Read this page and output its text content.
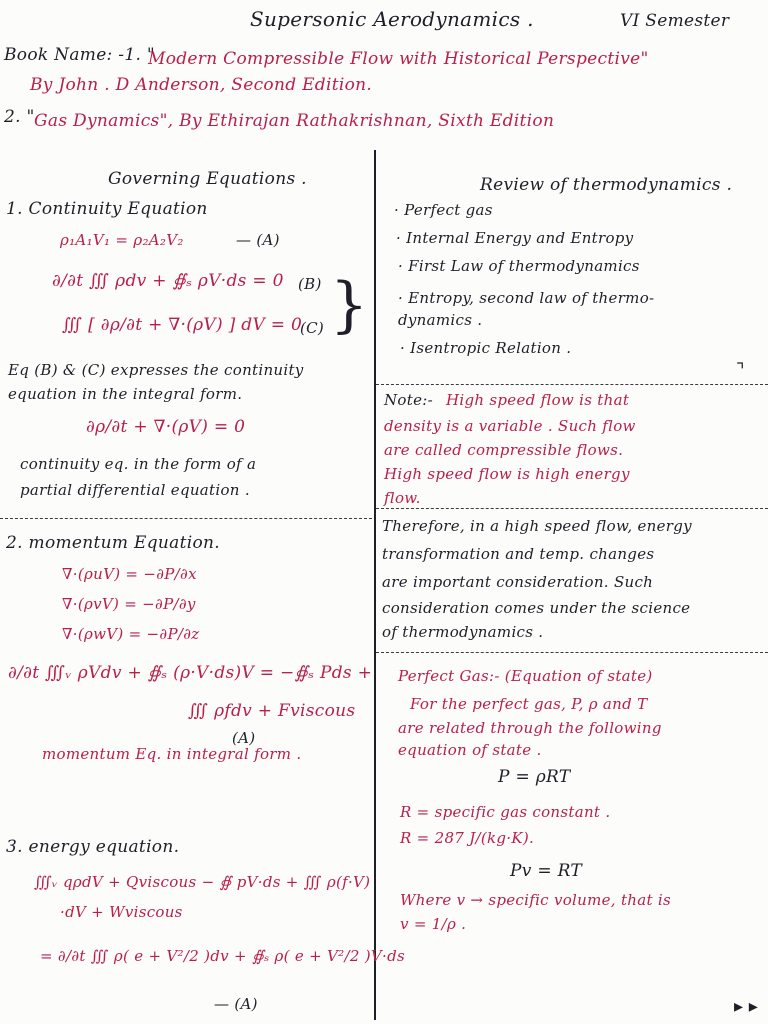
Supersonic Aerodynamics .	VI Semester
Book Name: -1. "
Modern Compressible Flow with Historical Perspective"
By John . D Anderson, Second Edition.
2. " Gas Dynamics", By Ethirajan Rathakrishnan, Sixth Edition
Governing Equations .
1. Continuity Equation
ρ₁A₁V₁ = ρ₂A₂V₂	— (A)
∂/∂t ∭ ρdv + ∯ₛ ρV·ds = 0 (B)
∭ [ ∂ρ/∂t + ∇·(ρV) ] dV = 0
(C) }
Eq (B) & (C) expresses the continuity
equation in the integral form.
∂ρ/∂t + ∇·(ρV) = 0
continuity eq. in the form of a
partial differential equation .
2. momentum Equation.
∇·(ρuV) = −∂P/∂x
∇·(ρvV) = −∂P/∂y
∇·(ρwV) = −∂P/∂z
∂/∂t ∭ᵥ ρVdv + ∯ₛ (ρ·V·ds)V = −∯ₛ Pds +
∭ ρfdv + Fviscous
(A)
momentum Eq. in integral form .
3. energy equation.
∭ᵥ qρdV + Qviscous − ∯ pV·ds + ∭ ρ(f·V)
·dV + Wviscous
= ∂/∂t ∭ ρ( e + V²/2 )dv + ∯ₛ ρ( e + V²/2 )V·ds
— (A)
Review of thermodynamics .
· Perfect gas
· Internal Energy and Entropy
· First Law of thermodynamics
· Entropy, second law of thermo-
dynamics .
· Isentropic Relation .
⌝
Note:- High speed flow is that
density is a variable . Such flow
are called compressible flows.
High speed flow is high energy
flow.
Therefore, in a high speed flow, energy
transformation and temp. changes
are important consideration. Such
consideration comes under the science
of thermodynamics .
Perfect Gas:- (Equation of state)
For the perfect gas, P, ρ and T
are related through the following
equation of state .
P = ρRT
R = specific gas constant .
R = 287 J/(kg·K).
Pv = RT
Where v → specific volume, that is
v = 1/ρ .
▸ ▸
